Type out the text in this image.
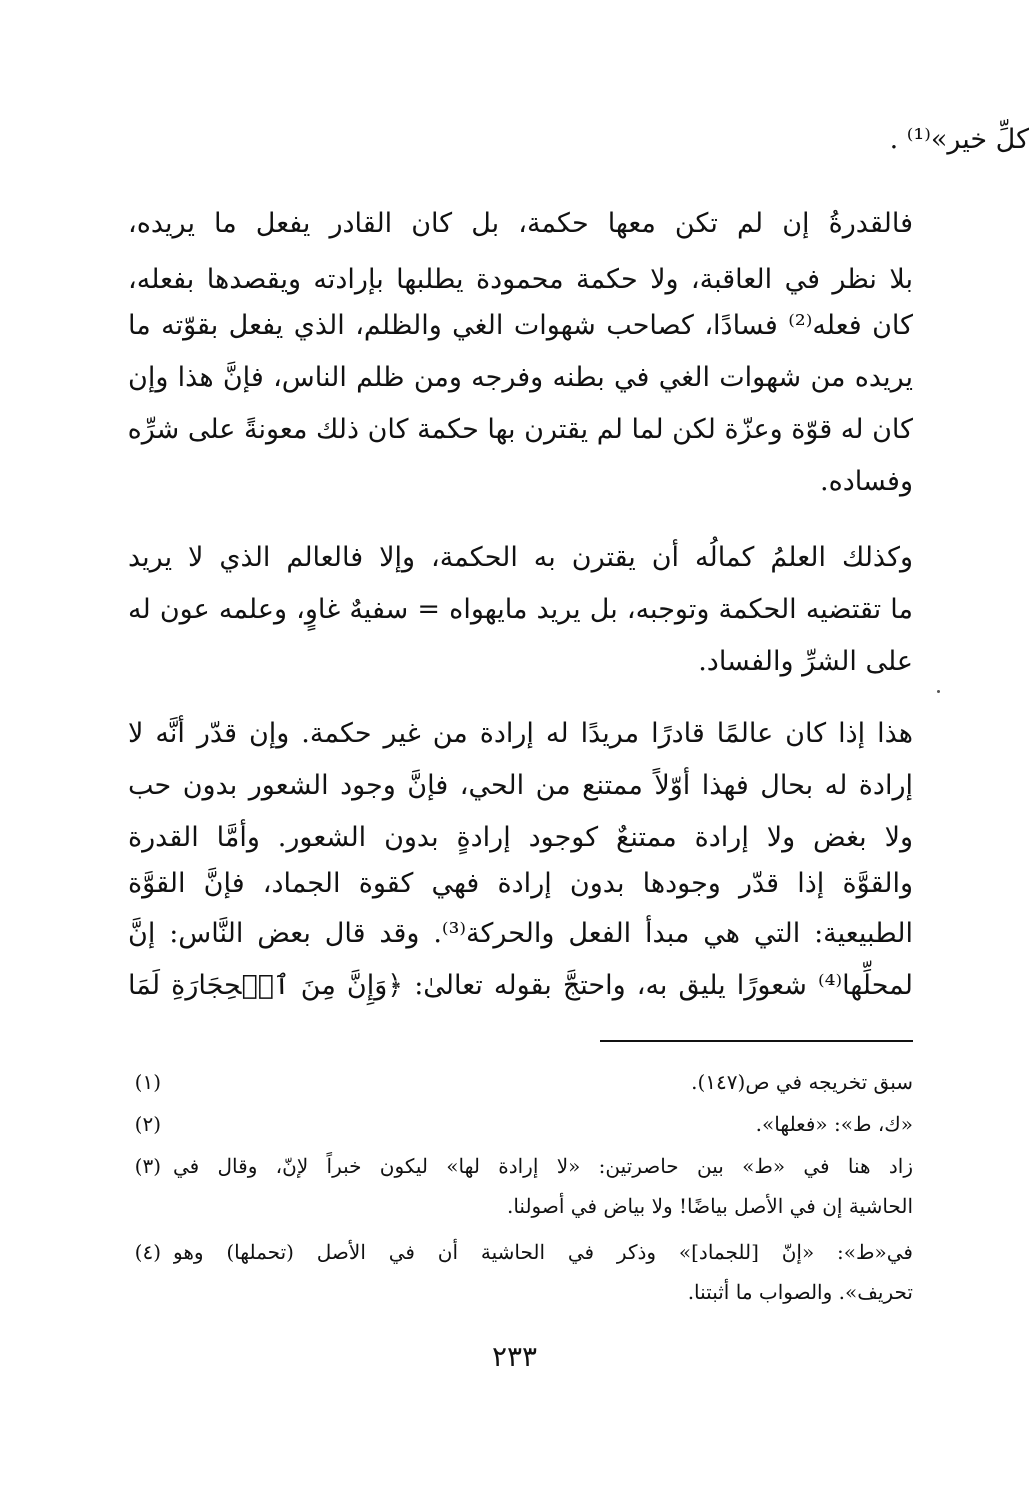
كلِّ خير»⁽¹⁾ .
فالقدرةُ إن لم تكن معها حكمة، بل كان القادر يفعل ما يريده،
بلا نظر في العاقبة، ولا حكمة محمودة يطلبها بإرادته ويقصدها بفعله،
كان فعله⁽²⁾ فسادًا، كصاحب شهوات الغي والظلم، الذي يفعل بقوّته ما
يريده من شهوات الغي في بطنه وفرجه ومن ظلم الناس، فإنَّ هذا وإن
كان له قوّة وعزّة لكن لما لم يقترن بها حكمة كان ذلك معونةً على شرِّه
وفساده.
وكذلك العلمُ كمالُه أن يقترن به الحكمة، وإلا فالعالم الذي لا يريد
ما تقتضيه الحكمة وتوجبه، بل يريد مايهواه = سفيهٌ غاوٍ، وعلمه عون له
على الشرِّ والفساد.
هذا إذا كان عالمًا قادرًا مريدًا له إرادة من غير حكمة. وإن قدّر أنَّه لا
إرادة له بحال فهذا أوّلاً ممتنع من الحي، فإنَّ وجود الشعور بدون حب
ولا بغض ولا إرادة ممتنعٌ كوجود إرادةٍ بدون الشعور. وأمَّا القدرة
والقوَّة إذا قدّر وجودها بدون إرادة فهي كقوة الجماد، فإنَّ القوَّة
الطبيعية: التي هي مبدأ الفعل والحركة⁽³⁾. وقد قال بعض النَّاس: إنَّ
لمحلِّها⁽⁴⁾ شعورًا يليق به، واحتجَّ بقوله تعالىٰ: ﴿وَإِنَّ مِنَ ٱلۡحِجَارَةِ لَمَا
(١)	سبق تخريجه في ص(١٤٧).
(٢)	«ك، ط»: «فعلها».
(٣) زاد هنا في «ط» بين حاصرتين: «لا إرادة لها» ليكون خبراً لإنّ، وقال في
الحاشية إن في الأصل بياضًا! ولا بياض في أصولنا.
(٤) في«ط»: «إنّ [للجماد]» وذكر في الحاشية أن في الأصل (تحملها) وهو
تحريف». والصواب ما أثبتنا.
٢٣٣
